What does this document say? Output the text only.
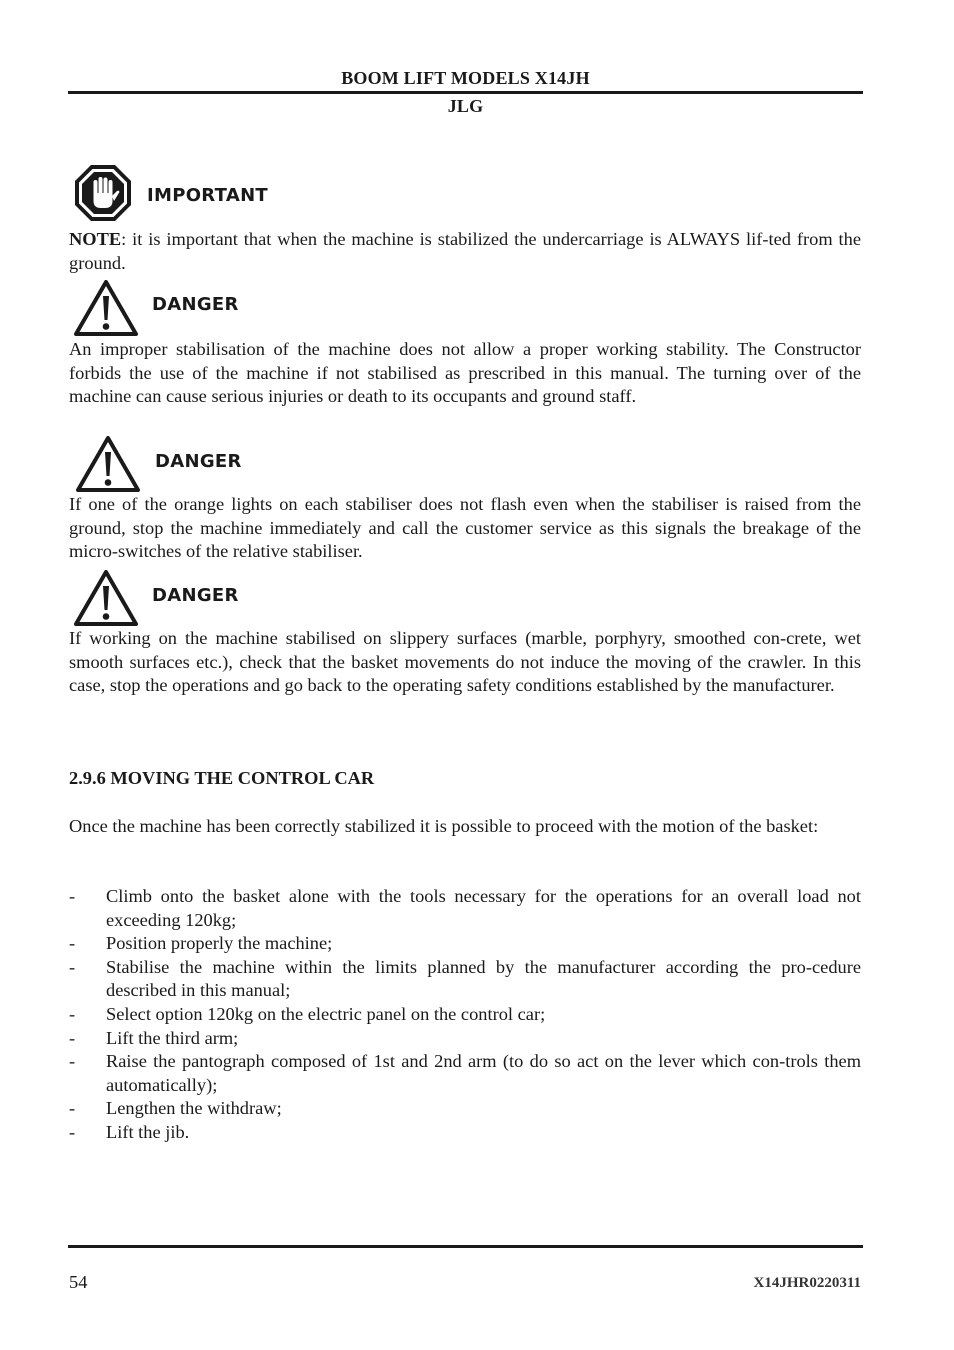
BOOM LIFT MODELS X14JH
JLG
IMPORTANT

NOTE: it is important that when the machine is stabilized the undercarriage is ALWAYS lif-ted from the ground.

DANGER

An improper stabilisation of the machine does not allow a proper working stability. The Constructor forbids the use of the machine if not stabilised as prescribed in this manual. The turning over of the machine can cause serious injuries or death to its occupants and ground staff.

DANGER

If one of the orange lights on each stabiliser does not flash even when the stabiliser is raised from the ground, stop the machine immediately and call the customer service as this signals the breakage of the micro-switches of the relative stabiliser.

DANGER

If working on the machine stabilised on slippery surfaces (marble, porphyry, smoothed con-crete, wet smooth surfaces etc.), check that the basket movements do not induce the moving of the crawler. In this case, stop the operations and go back to the operating safety conditions established by the manufacturer.

2.9.6 MOVING THE CONTROL CAR

Once the machine has been correctly stabilized it is possible to proceed with the motion of the basket:

- Climb onto the basket alone with the tools necessary for the operations for an overall load not exceeding 120kg;
- Position properly the machine;
- Stabilise the machine within the limits planned by the manufacturer according the pro-cedure described in this manual;
- Select option 120kg on the electric panel on the control car;
- Lift the third arm;
- Raise the pantograph composed of 1st and 2nd arm (to do so act on the lever which con-trols them automatically);
- Lengthen the withdraw;
- Lift the jib.
54	X14JHR0220311
